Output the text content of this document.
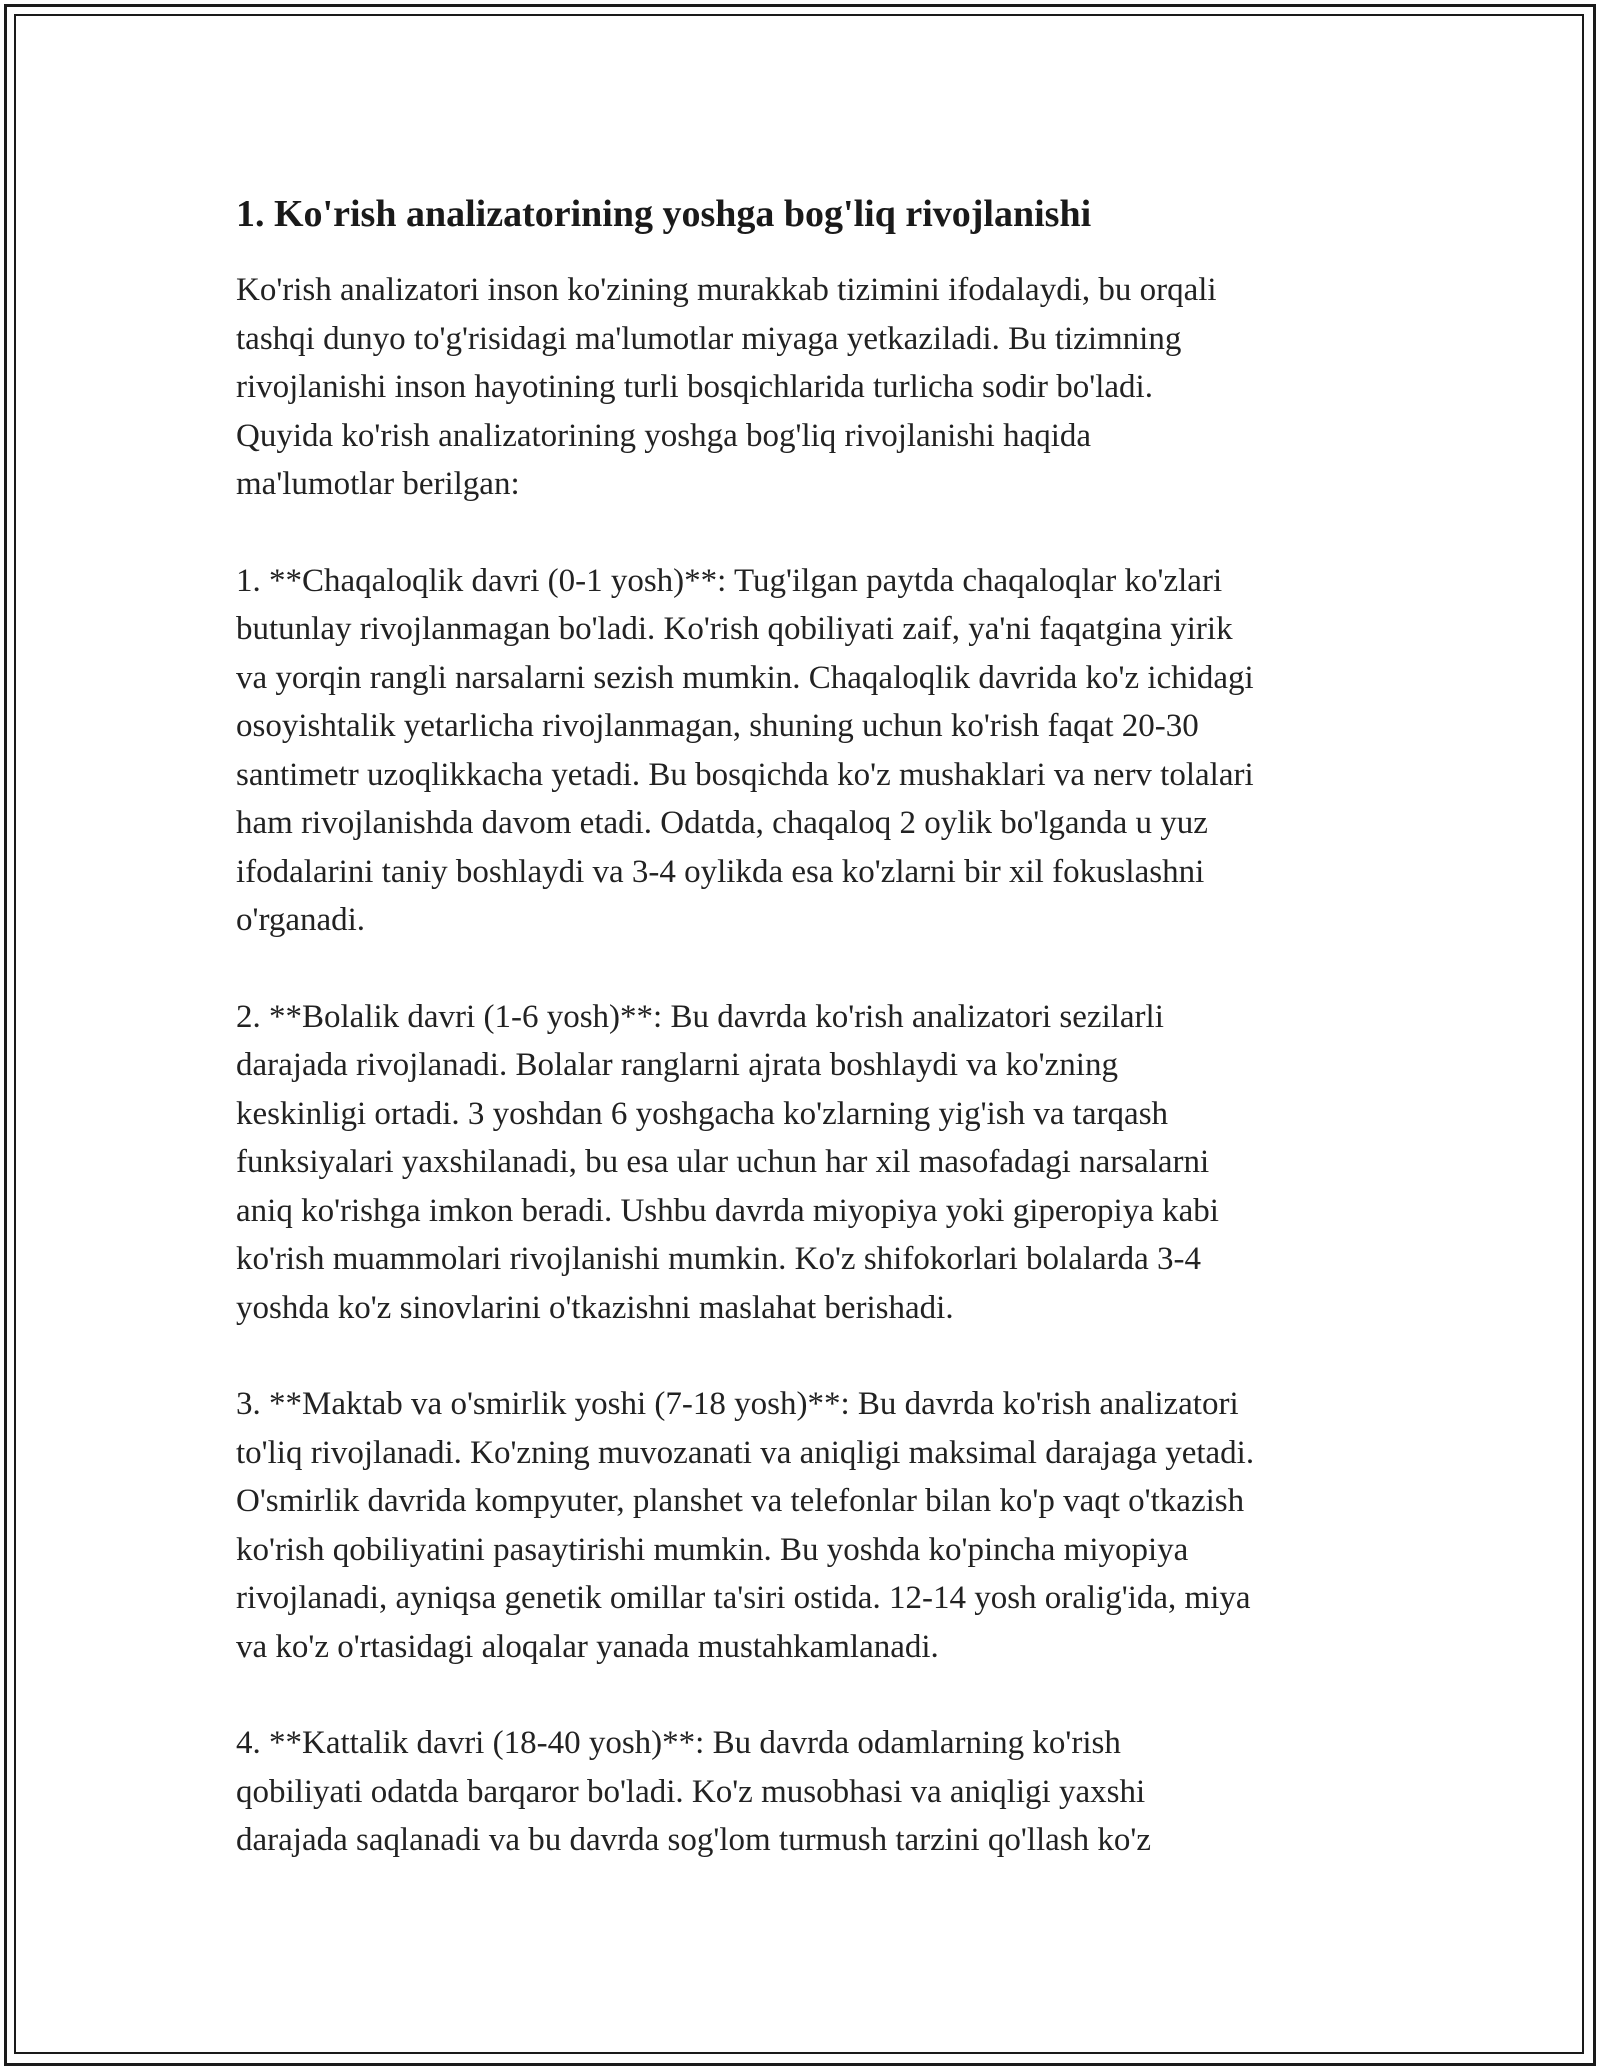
1. Ko'rish analizatorining yoshga bog'liq rivojlanishi

Ko'rish analizatori inson ko'zining murakkab tizimini ifodalaydi, bu orqali
tashqi dunyo to'g'risidagi ma'lumotlar miyaga yetkaziladi. Bu tizimning
rivojlanishi inson hayotining turli bosqichlarida turlicha sodir bo'ladi.
Quyida ko'rish analizatorining yoshga bog'liq rivojlanishi haqida
ma'lumotlar berilgan:

1. **Chaqaloqlik davri (0-1 yosh)**: Tug'ilgan paytda chaqaloqlar ko'zlari
butunlay rivojlanmagan bo'ladi. Ko'rish qobiliyati zaif, ya'ni faqatgina yirik
va yorqin rangli narsalarni sezish mumkin. Chaqaloqlik davrida ko'z ichidagi
osoyishtalik yetarlicha rivojlanmagan, shuning uchun ko'rish faqat 20-30
santimetr uzoqlikkacha yetadi. Bu bosqichda ko'z mushaklari va nerv tolalari
ham rivojlanishda davom etadi. Odatda, chaqaloq 2 oylik bo'lganda u yuz
ifodalarini taniy boshlaydi va 3-4 oylikda esa ko'zlarni bir xil fokuslashni
o'rganadi.

2. **Bolalik davri (1-6 yosh)**: Bu davrda ko'rish analizatori sezilarli
darajada rivojlanadi. Bolalar ranglarni ajrata boshlaydi va ko'zning
keskinligi ortadi. 3 yoshdan 6 yoshgacha ko'zlarning yig'ish va tarqash
funksiyalari yaxshilanadi, bu esa ular uchun har xil masofadagi narsalarni
aniq ko'rishga imkon beradi. Ushbu davrda miyopiya yoki giperopiya kabi
ko'rish muammolari rivojlanishi mumkin. Ko'z shifokorlari bolalarda 3-4
yoshda ko'z sinovlarini o'tkazishni maslahat berishadi.

3. **Maktab va o'smirlik yoshi (7-18 yosh)**: Bu davrda ko'rish analizatori
to'liq rivojlanadi. Ko'zning muvozanati va aniqligi maksimal darajaga yetadi.
O'smirlik davrida kompyuter, planshet va telefonlar bilan ko'p vaqt o'tkazish
ko'rish qobiliyatini pasaytirishi mumkin. Bu yoshda ko'pincha miyopiya
rivojlanadi, ayniqsa genetik omillar ta'siri ostida. 12-14 yosh oralig'ida, miya
va ko'z o'rtasidagi aloqalar yanada mustahkamlanadi.

4. **Kattalik davri (18-40 yosh)**: Bu davrda odamlarning ko'rish
qobiliyati odatda barqaror bo'ladi. Ko'z musobhasi va aniqligi yaxshi
darajada saqlanadi va bu davrda sog'lom turmush tarzini qo'llash ko'z
